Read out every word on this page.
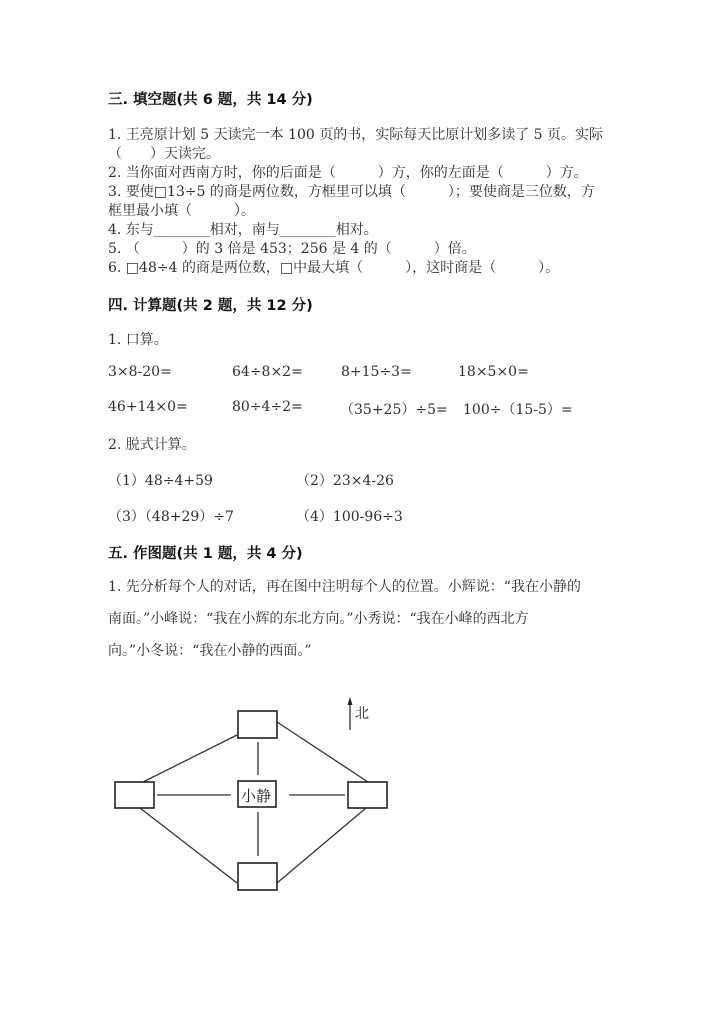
三. 填空题(共 6 题，共 14 分)
1. 王亮原计划 5 天读完一本 100 页的书，实际每天比原计划多读了 5 页。实际
（　　）天读完。
2. 当你面对西南方时，你的后面是（　　　）方，你的左面是（　　　）方。
3. 要使□13÷5 的商是两位数，方框里可以填（　　　）；要使商是三位数，方
框里最小填（　　　）。
4. 东与________相对，南与________相对。
5. （　　　）的 3 倍是 453；256 是 4 的（　　　）倍。
6. □48÷4 的商是两位数，□中最大填（　　　），这时商是（　　　）。
四. 计算题(共 2 题，共 12 分)
1. 口算。
3×8-20=	64÷8×2=	8+15÷3=	18×5×0=
46+14×0=	80÷4÷2=	（35+25）÷5= 100÷（15-5）=
2. 脱式计算。
（1）48÷4+59	（2）23×4-26
（3）（48+29）÷7	（4）100-96÷3
五. 作图题(共 1 题，共 4 分)
1. 先分析每个人的对话，再在图中注明每个人的位置。小辉说：“我在小静的
南面。”小峰说：“我在小辉的东北方向。”小秀说：“我在小峰的西北方
向。”小冬说：“我在小静的西面。”
小静
北
